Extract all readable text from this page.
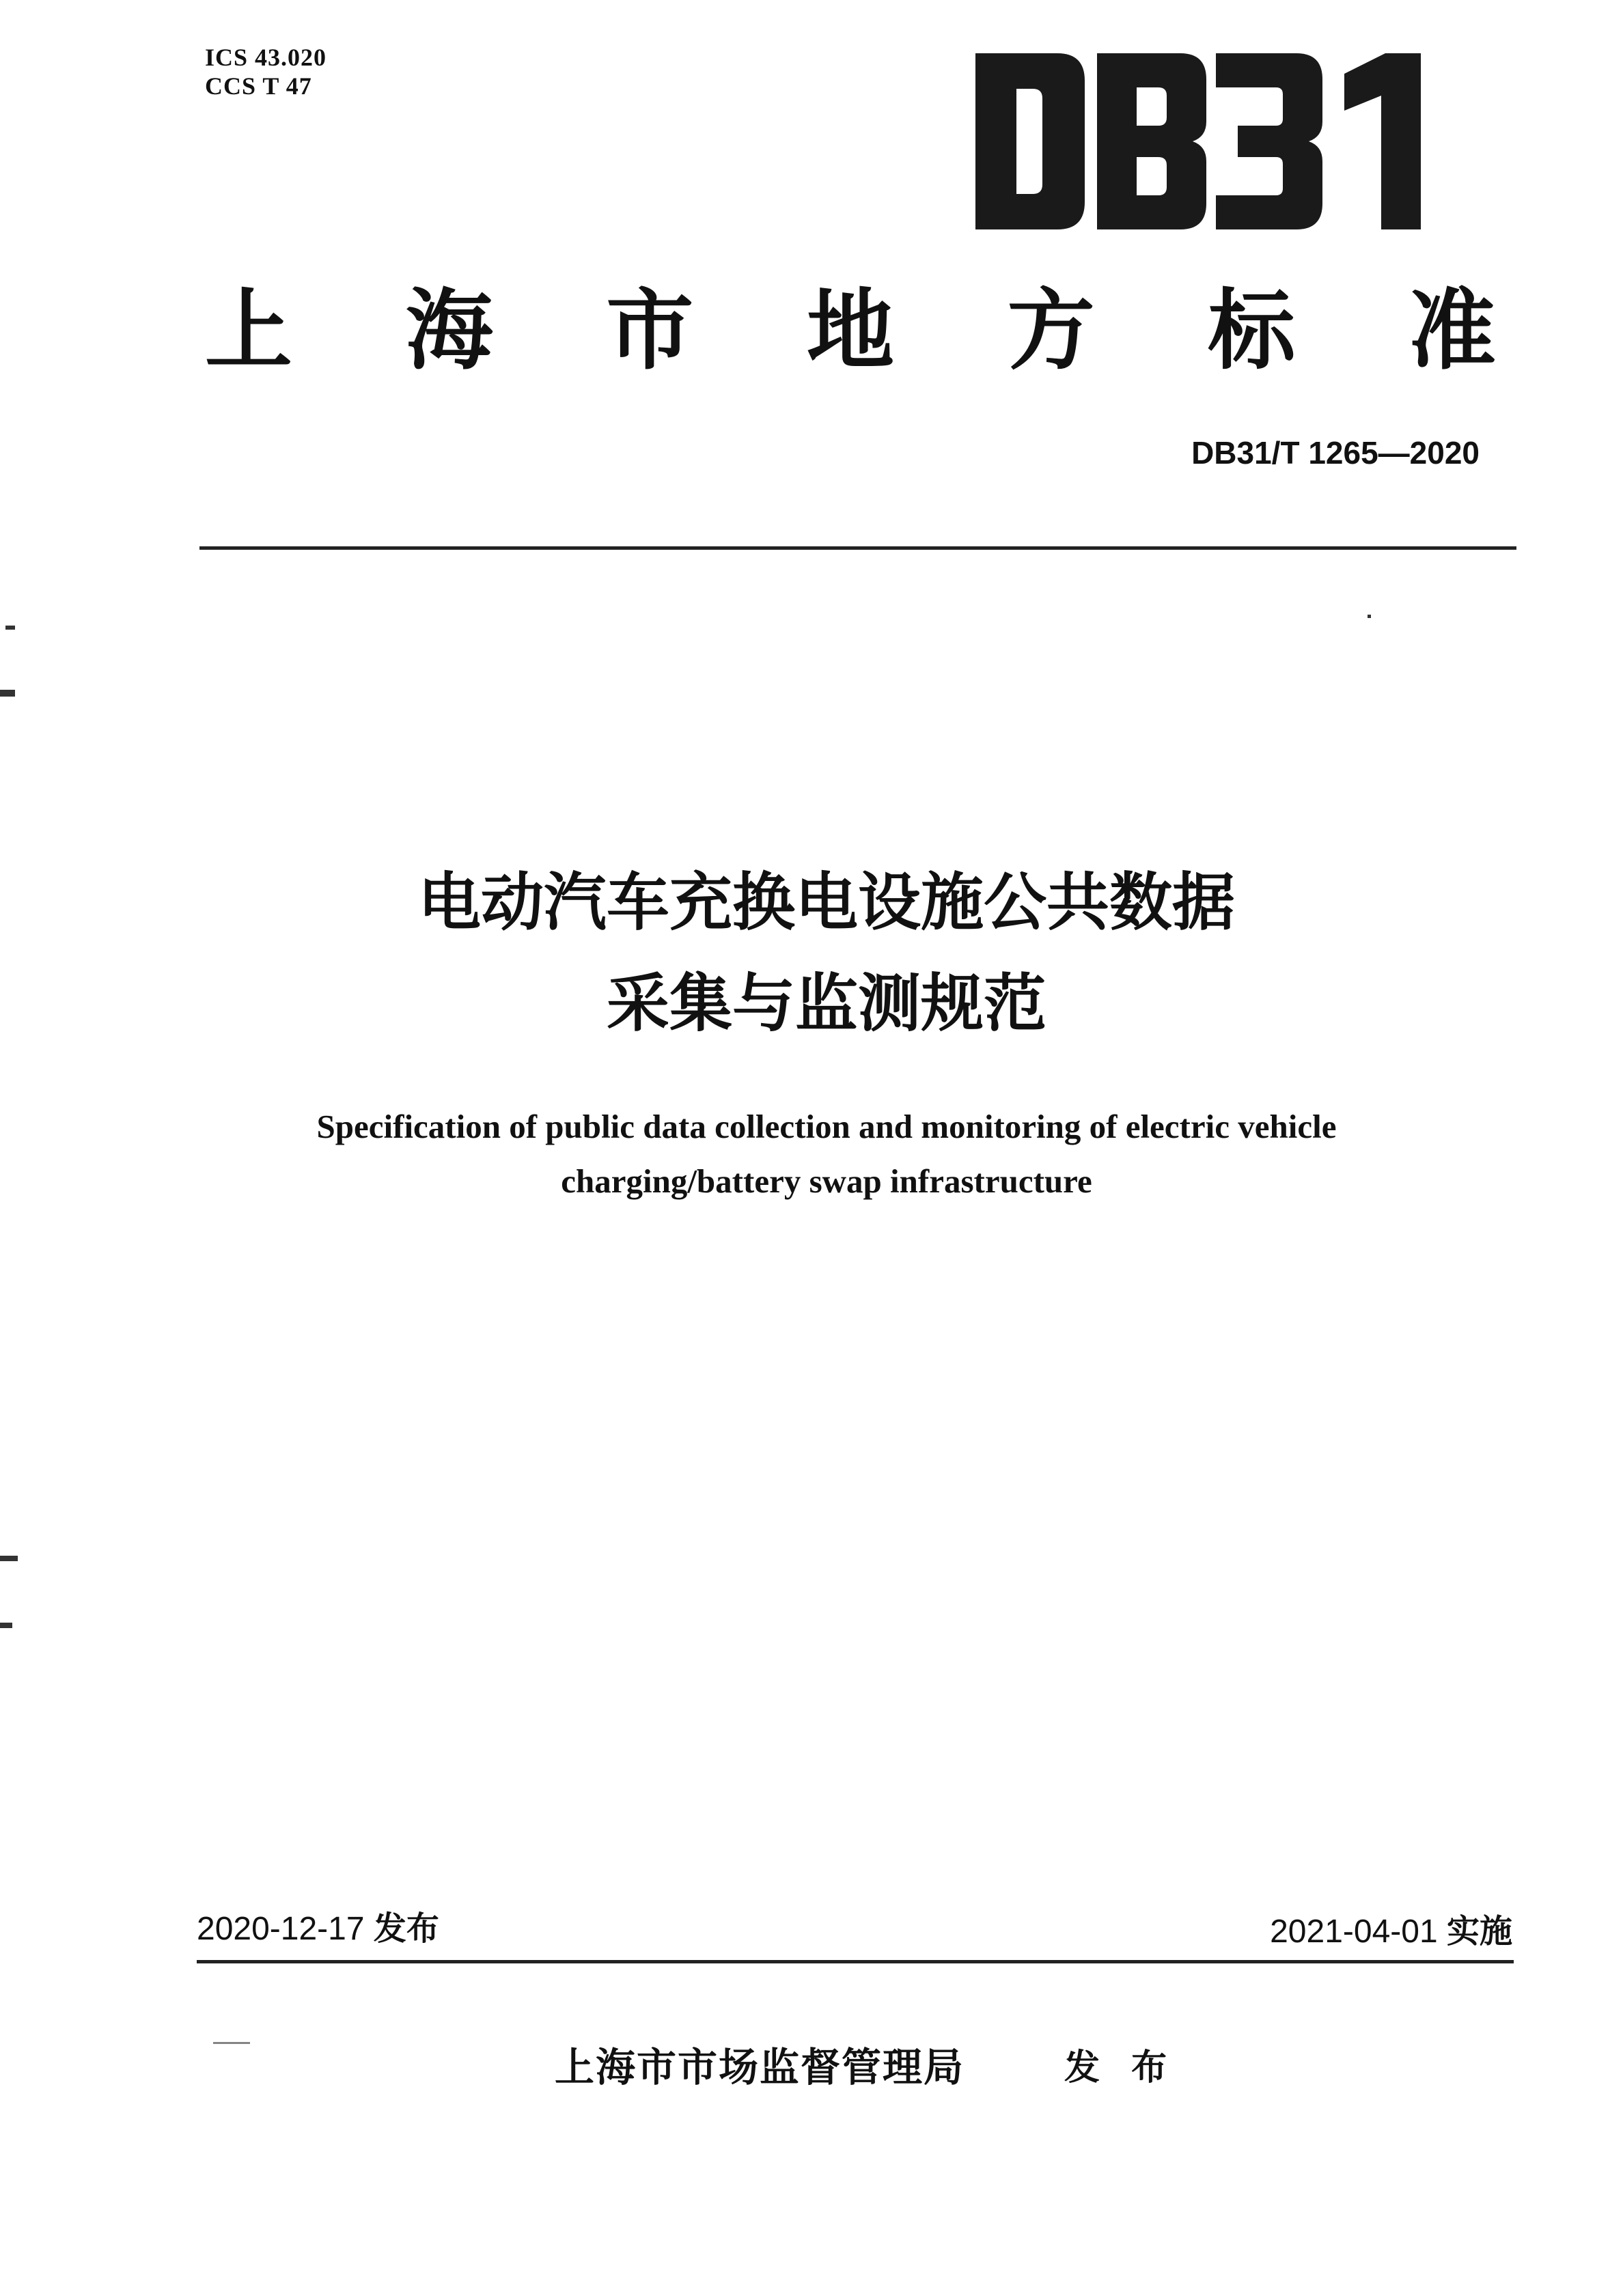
ICS 43.020
CCS T 47
上 海 市 地 方 标 准
DB31/T 1265—2020
电动汽车充换电设施公共数据
采集与监测规范
Specification of public data collection and monitoring of electric vehicle
charging/battery swap infrastructure
2020-12-17 发布	2021-04-01 实施
上海市市场监督管理局	发 布
